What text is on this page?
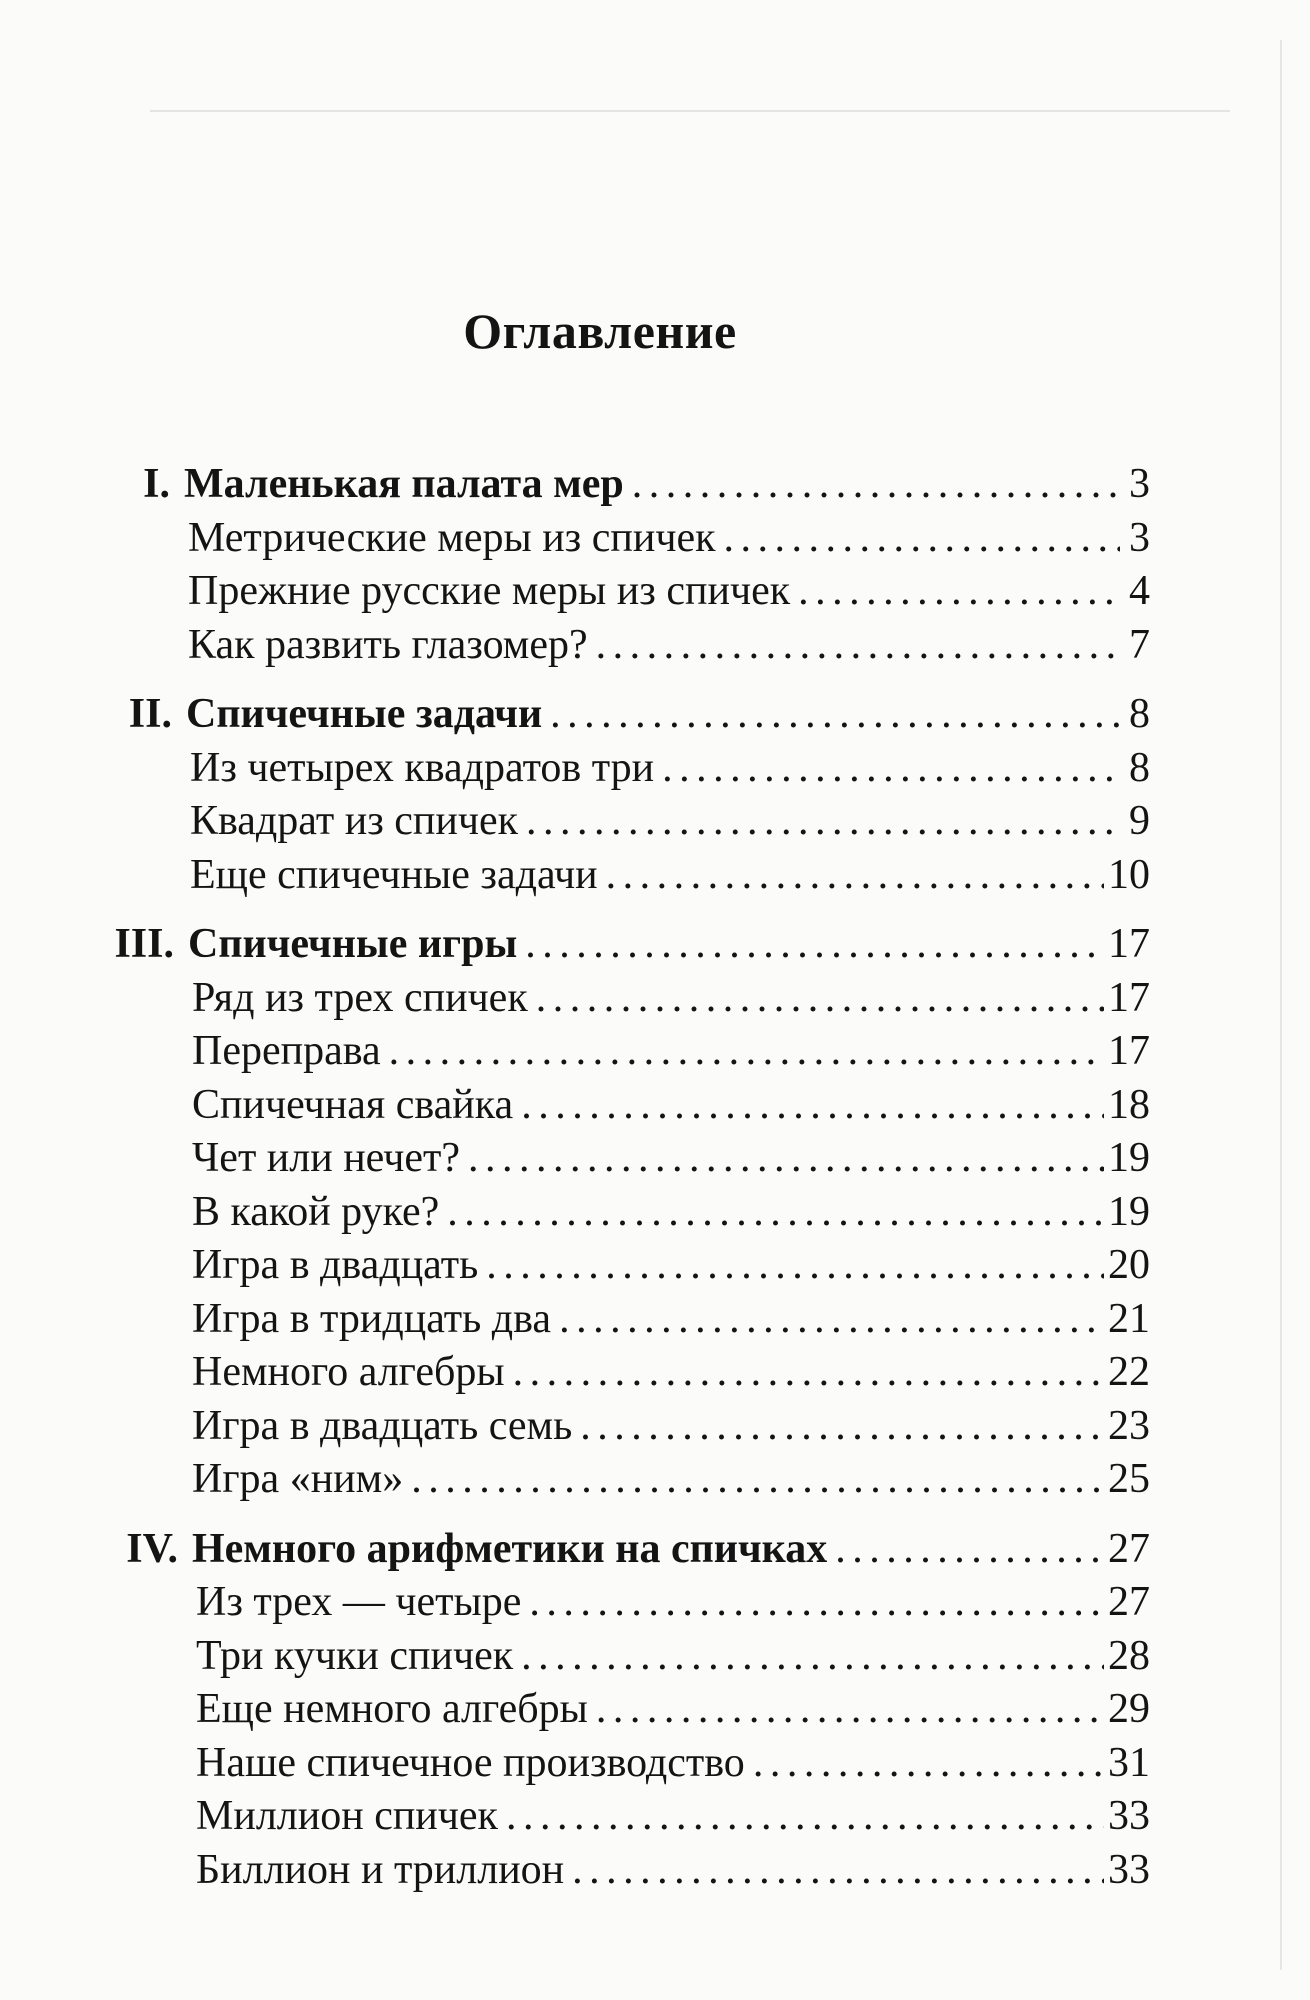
Оглавление
I. Маленькая палата мер . . .	3
Метрические меры из спичек . . .	3
Прежние русские меры из спичек . . .	4
Как развить глазомер? . . .	7
II. Спичечные задачи . . .	8
Из четырех квадратов три . . .	8
Квадрат из спичек . . .	9
Еще спичечные задачи . . .	10
III. Спичечные игры . . .	17
Ряд из трех спичек . . .	17
Переправа . . .	17
Спичечная свайка . . .	18
Чет или нечет? . . .	19
В какой руке? . . .	19
Игра в двадцать . . .	20
Игра в тридцать два . . .	21
Немного алгебры . . .	22
Игра в двадцать семь . . .	23
Игра «ним» . . .	25
IV. Немного арифметики на спичках . . .	27
Из трех — четыре . . .	27
Три кучки спичек . . .	28
Еще немного алгебры . . .	29
Наше спичечное производство . . .	31
Миллион спичек . . .	33
Биллион и триллион . . .	33
